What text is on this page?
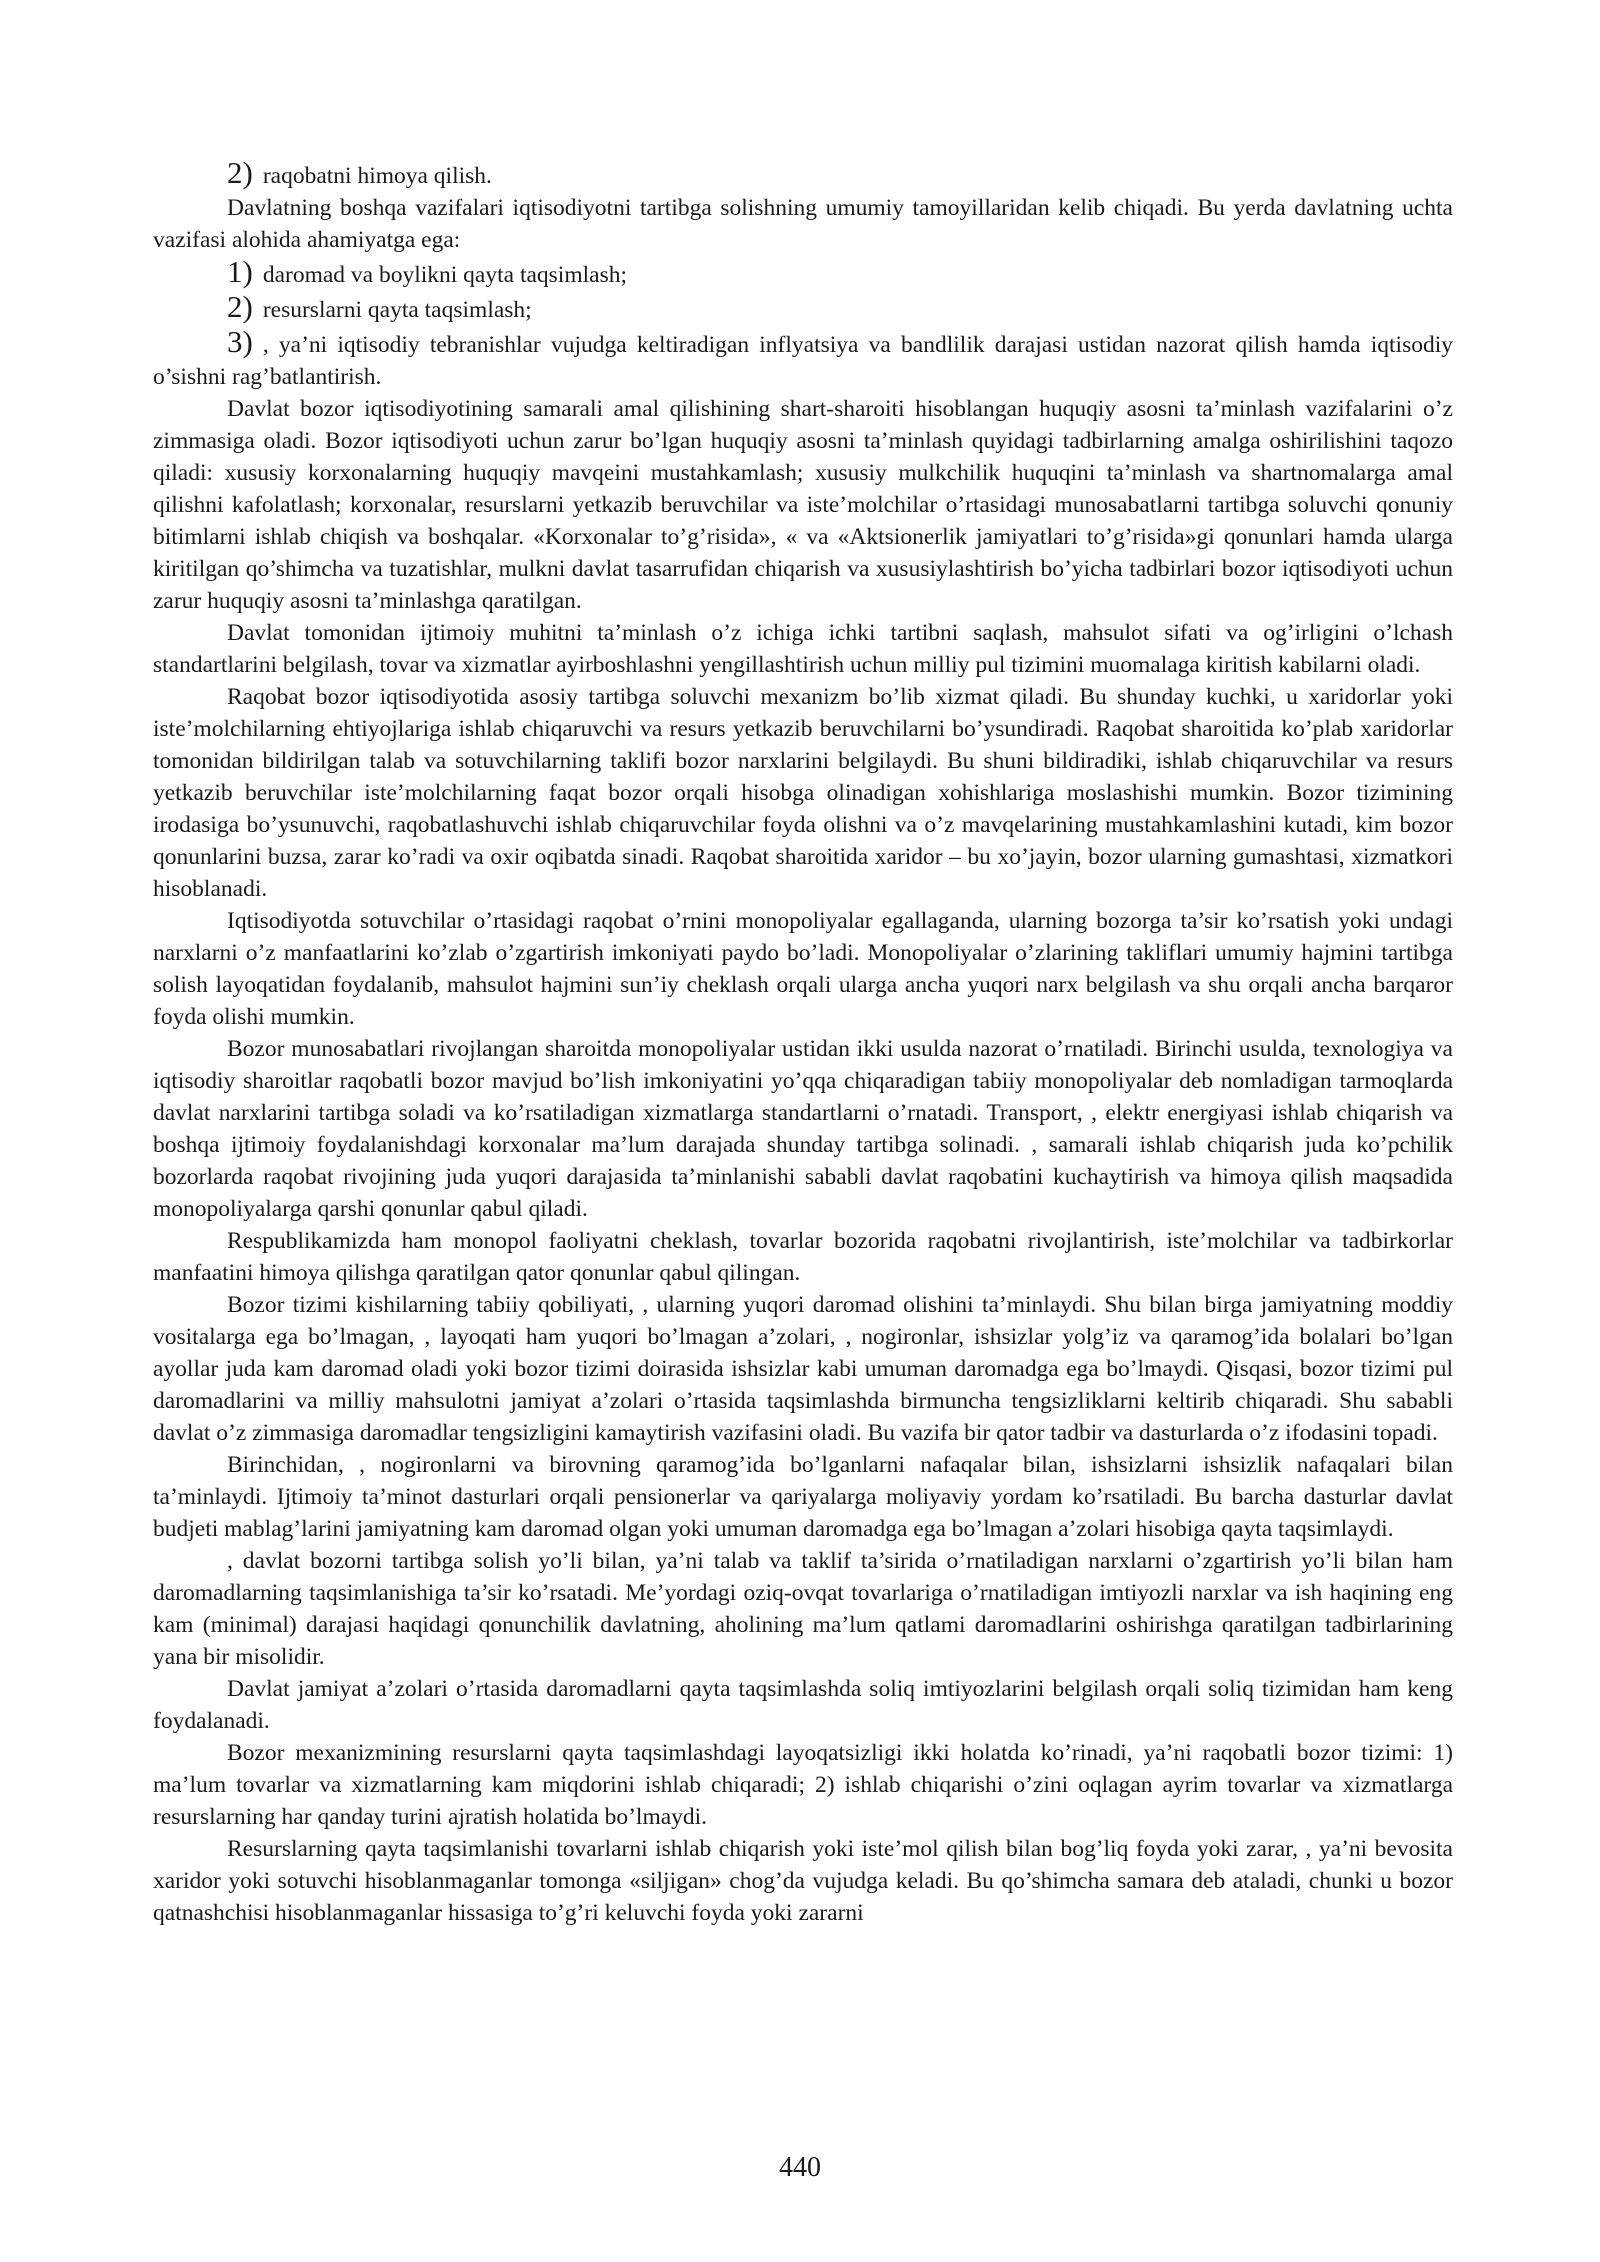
2) raqobatni himoya qilish.

Davlatning boshqa vazifalari iqtisodiyotni tartibga solishning umumiy tamoyillaridan kelib chiqadi. Bu yerda davlatning uchta vazifasi alohida ahamiyatga ega:

1) daromad va boylikni qayta taqsimlash;
2) resurslarni qayta taqsimlash;
3) , ya’ni iqtisodiy tebranishlar vujudga keltiradigan inflyatsiya va bandlilik darajasi ustidan nazorat qilish hamda iqtisodiy o’sishni rag’batlantirish.

Davlat bozor iqtisodiyotining samarali amal qilishining shart-sharoiti hisoblangan huquqiy asosni ta’minlash vazifalarini o’z zimmasiga oladi. Bozor iqtisodiyoti uchun zarur bo’lgan huquqiy asosni ta’minlash quyidagi tadbirlarning amalga oshirilishini taqozo qiladi: xususiy korxonalarning huquqiy mavqeini mustahkamlash; xususiy mulkchilik huquqini ta’minlash va shartnomalarga amal qilishni kafolatlash; korxonalar, resurslarni yetkazib beruvchilar va iste’molchilar o’rtasidagi munosabatlarni tartibga soluvchi qonuniy bitimlarni ishlab chiqish va boshqalar. «Korxonalar to’g’risida», « va «Aktsionerlik jamiyatlari to’g’risida»gi qonunlari hamda ularga kiritilgan qo’shimcha va tuzatishlar, mulkni davlat tasarrufidan chiqarish va xususiylashtirish bo’yicha tadbirlari bozor iqtisodiyoti uchun zarur huquqiy asosni ta’minlashga qaratilgan.

Davlat tomonidan ijtimoiy muhitni ta’minlash o’z ichiga ichki tartibni saqlash, mahsulot sifati va og’irligini o’lchash standartlarini belgilash, tovar va xizmatlar ayirboshlashni yengillashtirish uchun milliy pul tizimini muomalaga kiritish kabilarni oladi.

Raqobat bozor iqtisodiyotida asosiy tartibga soluvchi mexanizm bo’lib xizmat qiladi. Bu shunday kuchki, u xaridorlar yoki iste’molchilarning ehtiyojlariga ishlab chiqaruvchi va resurs yetkazib beruvchilarni bo’ysundiradi. Raqobat sharoitida ko’plab xaridorlar tomonidan bildirilgan talab va sotuvchilarning taklifi bozor narxlarini belgilaydi. Bu shuni bildiradiki, ishlab chiqaruvchilar va resurs yetkazib beruvchilar iste’molchilarning faqat bozor orqali hisobga olinadigan xohishlariga moslashishi mumkin. Bozor tizimining irodasiga bo’ysunuvchi, raqobatlashuvchi ishlab chiqaruvchilar foyda olishni va o’z mavqelarining mustahkamlashini kutadi, kim bozor qonunlarini buzsa, zarar ko’radi va oxir oqibatda sinadi. Raqobat sharoitida xaridor – bu xo’jayin, bozor ularning gumashtasi, xizmatkori hisoblanadi.

Iqtisodiyotda sotuvchilar o’rtasidagi raqobat o’rnini monopoliyalar egallaganda, ularning bozorga ta’sir ko’rsatish yoki undagi narxlarni o’z manfaatlarini ko’zlab o’zgartirish imkoniyati paydo bo’ladi. Monopoliyalar o’zlarining takliflari umumiy hajmini tartibga solish layoqatidan foydalanib, mahsulot hajmini sun’iy cheklash orqali ularga ancha yuqori narx belgilash va shu orqali ancha barqaror foyda olishi mumkin.

Bozor munosabatlari rivojlangan sharoitda monopoliyalar ustidan ikki usulda nazorat o’rnatiladi. Birinchi usulda, texnologiya va iqtisodiy sharoitlar raqobatli bozor mavjud bo’lish imkoniyatini yo’qqa chiqaradigan tabiiy monopoliyalar deb nomladigan tarmoqlarda davlat narxlarini tartibga soladi va ko’rsatiladigan xizmatlarga standartlarni o’rnatadi. Transport, , elektr energiyasi ishlab chiqarish va boshqa ijtimoiy foydalanishdagi korxonalar ma’lum darajada shunday tartibga solinadi. , samarali ishlab chiqarish juda ko’pchilik bozorlarda raqobat rivojining juda yuqori darajasida ta’minlanishi sababli davlat raqobatini kuchaytirish va himoya qilish maqsadida monopoliyalarga qarshi qonunlar qabul qiladi.

Respublikamizda ham monopol faoliyatni cheklash, tovarlar bozorida raqobatni rivojlantirish, iste’molchilar va tadbirkorlar manfaatini himoya qilishga qaratilgan qator qonunlar qabul qilingan.

Bozor tizimi kishilarning tabiiy qobiliyati, , ularning yuqori daromad olishini ta’minlaydi. Shu bilan birga jamiyatning moddiy vositalarga ega bo’lmagan, , layoqati ham yuqori bo’lmagan a’zolari, , nogironlar, ishsizlar yolg’iz va qaramog’ida bolalari bo’lgan ayollar juda kam daromad oladi yoki bozor tizimi doirasida ishsizlar kabi umuman daromadga ega bo’lmaydi. Qisqasi, bozor tizimi pul daromadlarini va milliy mahsulotni jamiyat a’zolari o’rtasida taqsimlashda birmuncha tengsizliklarni keltirib chiqaradi. Shu sababli davlat o’z zimmasiga daromadlar tengsizligini kamaytirish vazifasini oladi. Bu vazifa bir qator tadbir va dasturlarda o’z ifodasini topadi.

Birinchidan, , nogironlarni va birovning qaramog’ida bo’lganlarni nafaqalar bilan, ishsizlarni ishsizlik nafaqalari bilan ta’minlaydi. Ijtimoiy ta’minot dasturlari orqali pensionerlar va qariyalarga moliyaviy yordam ko’rsatiladi. Bu barcha dasturlar davlat budjeti mablag’larini jamiyatning kam daromad olgan yoki umuman daromadga ega bo’lmagan a’zolari hisobiga qayta taqsimlaydi.

, davlat bozorni tartibga solish yo’li bilan, ya’ni talab va taklif ta’sirida o’rnatiladigan narxlarni o’zgartirish yo’li bilan ham daromadlarning taqsimlanishiga ta’sir ko’rsatadi. Me’yordagi oziq-ovqat tovarlariga o’rnatiladigan imtiyozli narxlar va ish haqining eng kam (minimal) darajasi haqidagi qonunchilik davlatning, aholining ma’lum qatlami daromadlarini oshirishga qaratilgan tadbirlarining yana bir misolidir.

Davlat jamiyat a’zolari o’rtasida daromadlarni qayta taqsimlashda soliq imtiyozlarini belgilash orqali soliq tizimidan ham keng foydalanadi.

Bozor mexanizmining resurslarni qayta taqsimlashdagi layoqatsizligi ikki holatda ko’rinadi, ya’ni raqobatli bozor tizimi: 1) ma’lum tovarlar va xizmatlarning kam miqdorini ishlab chiqaradi; 2) ishlab chiqarishi o’zini oqlagan ayrim tovarlar va xizmatlarga resurslarning har qanday turini ajratish holatida bo’lmaydi.

Resurslarning qayta taqsimlanishi tovarlarni ishlab chiqarish yoki iste’mol qilish bilan bog’liq foyda yoki zarar, , ya’ni bevosita xaridor yoki sotuvchi hisoblanmaganlar tomonga «siljigan» chog’da vujudga keladi. Bu qo’shimcha samara deb ataladi, chunki u bozor qatnashchisi hisoblanmaganlar hissasiga to’g’ri keluvchi foyda yoki zararni

440
